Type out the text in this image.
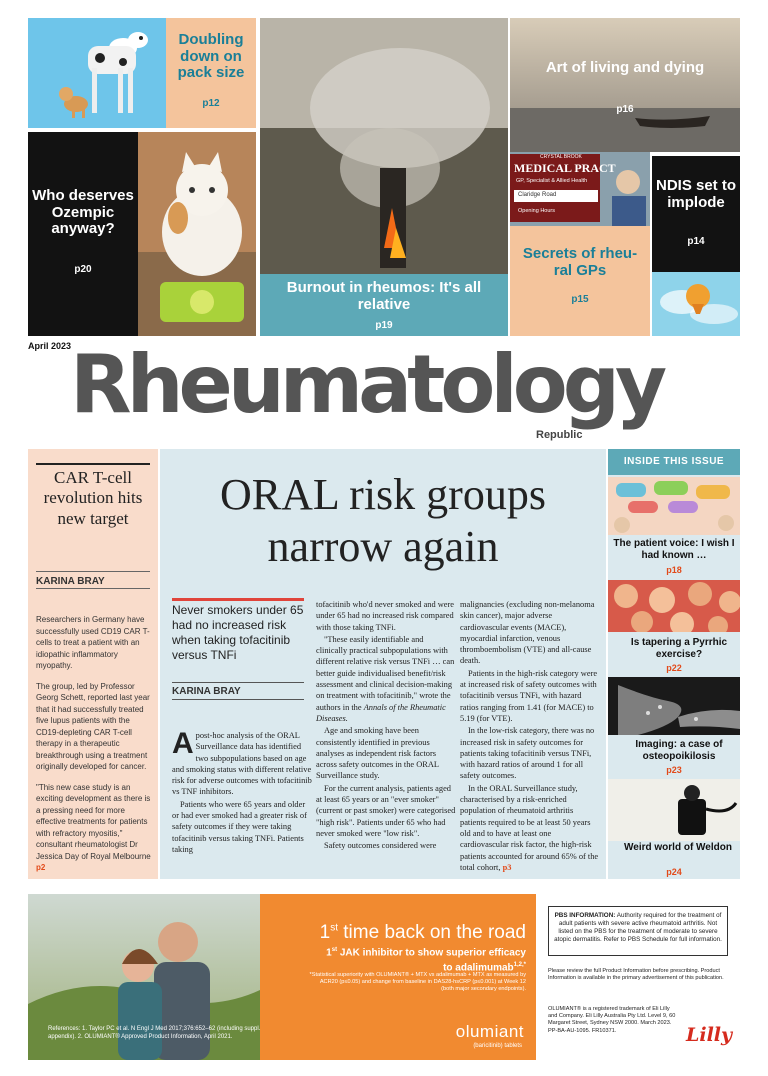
Doubling down on pack size
p12
Who deserves Ozempic anyway?
p20
Burnout in rheumos: It's all relative
p19
Art of living and dying
p16
CRYSTAL BROOK
MEDICAL PRACT
GP, Specialist & Allied Health
Claridge Road
Opening Hours
Secrets of rheu-ral GPs
p15
NDIS set to implode
p14
April 2023
Rheumatology
Republic
CAR T-cell revolution hits new target
KARINA BRAY

Researchers in Germany have successfully used CD19 CAR T-cells to treat a patient with an idiopathic inflammatory myopathy.

The group, led by Professor Georg Schett, reported last year that it had successfully treated five lupus patients with the CD19-depleting CAR T-cell therapy in a therapeutic breakthrough using a treatment originally developed for cancer.

"This new case study is an exciting development as there is a pressing need for more effective treatments for patients with refractory myositis," consultant rheumatologist Dr Jessica Day of Royal Melbourne p2

ORAL risk groups narrow again
Never smokers under 65 had no increased risk when taking tofacitinib versus TNFi
KARINA BRAY

Apost-hoc analysis of the ORAL Surveillance data has identified two subpopulations based on age and smoking status with different relative risk for adverse outcomes with tofacitinib vs TNF inhibitors.

Patients who were 65 years and older or had ever smoked had a greater risk of safety outcomes if they were taking tofacitinib versus taking TNFi. Patients taking

tofacitinib who'd never smoked and were under 65 had no increased risk compared with those taking TNFi.

"These easily identifiable and clinically practical subpopulations with different relative risk versus TNFi … can better guide individualised benefit/risk assessment and clinical decision-making on treatment with tofacitinib," wrote the authors in the Annals of the Rheumatic Diseases.

Age and smoking have been consistently identified in previous analyses as independent risk factors across safety outcomes in the ORAL Surveillance study.

For the current analysis, patients aged at least 65 years or an "ever smoker" (current or past smoker) were categorised "high risk". Patients under 65 who had never smoked were "low risk".

Safety outcomes considered were

malignancies (excluding non-melanoma skin cancer), major adverse cardiovascular events (MACE), myocardial infarction, venous thromboembolism (VTE) and all-cause death.

Patients in the high-risk category were at increased risk of safety outcomes with tofacitinib versus TNFi, with hazard ratios ranging from 1.41 (for MACE) to 5.19 (for VTE).

In the low-risk category, there was no increased risk in safety outcomes for patients taking tofacitinib versus TNFi, with hazard ratios of around 1 for all safety outcomes.

In the ORAL Surveillance study, characterised by a risk-enriched population of rheumatoid arthritis patients required to be at least 50 years old and to have at least one cardiovascular risk factor, the high-risk patients accounted for around 65% of the total cohort, p3

INSIDE THIS ISSUE
The patient voice: I wish I had known …
p18
Is tapering a Pyrrhic exercise?
p22
Imaging: a case of osteopoikilosis
p23
Weird world of Weldon
p24
References: 1. Taylor PC et al. N Engl J Med 2017;376:652–62 (including suppl. appendix). 2. OLUMIANT® Approved Product Information, April 2021.
1st time back on the road
1st JAK inhibitor to show superior efficacy to adalimumab$^{1,2,*}$
*Statistical superiority with OLUMIANT® + MTX vs adalimumab + MTX as measured by ACR20 (p≤0.05) and change from baseline in DAS28-hsCRP (p≤0.001) at Week 12 (both major secondary endpoints).
olumiant
(baricitinib) tablets
PBS INFORMATION: Authority required for the treatment of adult patients with severe active rheumatoid arthritis. Not listed on the PBS for the treatment of moderate to severe atopic dermatitis. Refer to PBS Schedule for full information.
Please review the full Product Information before prescribing. Product Information is available in the primary advertisement of this publication.
OLUMIANT® is a registered trademark of Eli Lilly and Company. Eli Lilly Australia Pty Ltd. Level 9, 60 Margaret Street, Sydney NSW 2000. March 2023. PP-BA-AU-1095. FR10371.	Lilly
